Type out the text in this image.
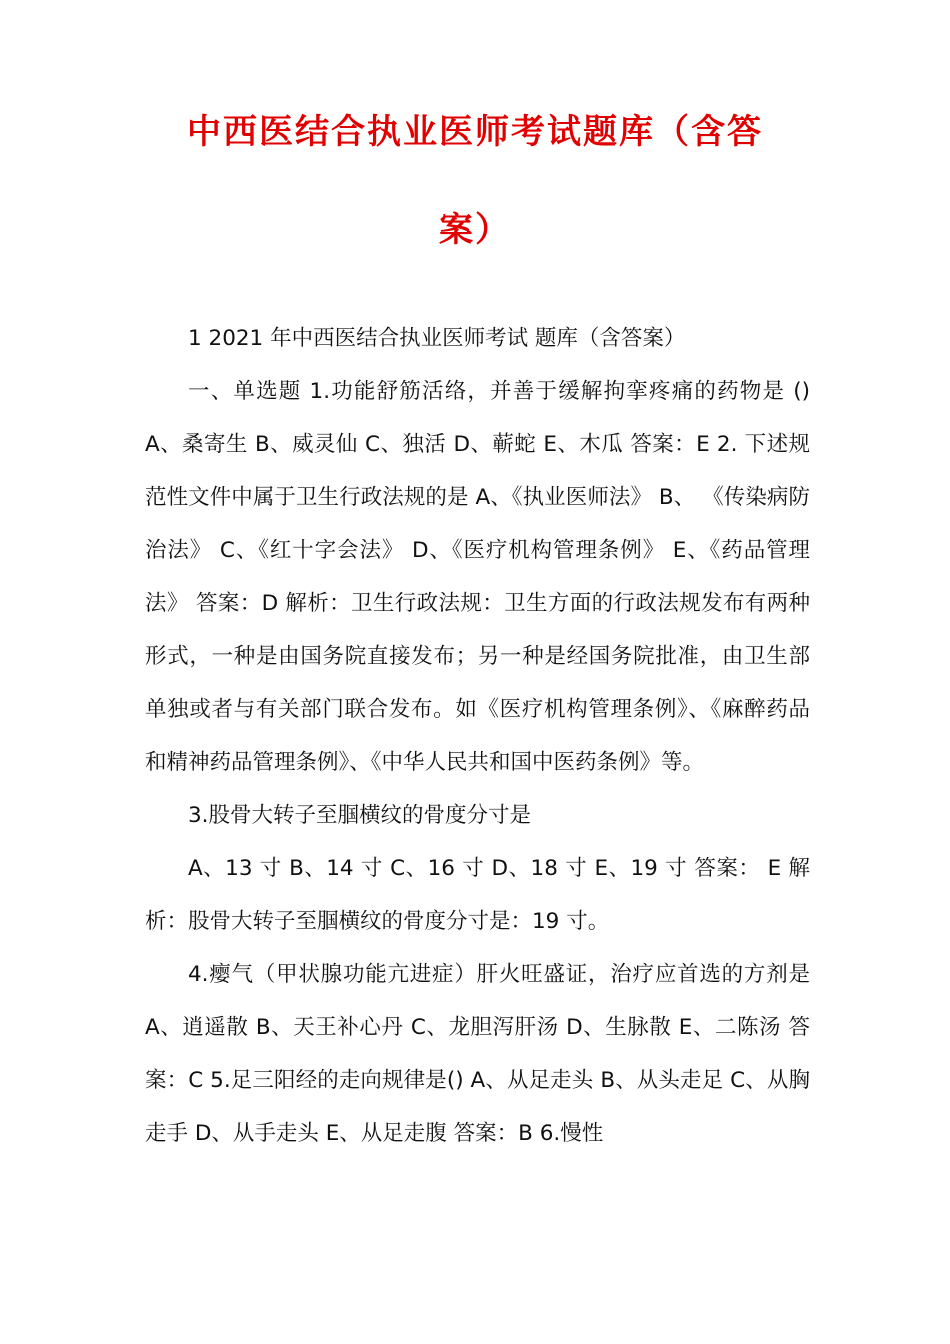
中西医结合执业医师考试题库（含答
案）

1 2021 年中西医结合执业医师考试 题库（含答案）

一、单选题 1.功能舒筋活络，并善于缓解拘挛疼痛的药物是 () A、桑寄生 B、威灵仙 C、独活 D、蕲蛇 E、木瓜 答案：E 2. 下述规范性文件中属于卫生行政法规的是 A、《执业医师法》 B、 《传染病防治法》 C、《红十字会法》 D、《医疗机构管理条例》 E、《药品管理法》 答案：D 解析：卫生行政法规：卫生方面的行政法规发布有两种形式，一种是由国务院直接发布；另一种是经国务院批准，由卫生部单独或者与有关部门联合发布。如《医疗机构管理条例》、《麻醉药品和精神药品管理条例》、《中华人民共和国中医药条例》等。

3.股骨大转子至腘横纹的骨度分寸是

A、13 寸 B、14 寸 C、16 寸 D、18 寸 E、19 寸 答案： E 解析：股骨大转子至腘横纹的骨度分寸是：19 寸。

4.瘿气（甲状腺功能亢进症）肝火旺盛证，治疗应首选的方剂是 A、逍遥散 B、天王补心丹 C、龙胆泻肝汤 D、生脉散 E、二陈汤 答案：C 5.足三阳经的走向规律是() A、从足走头 B、从头走足 C、从胸走手 D、从手走头 E、从足走腹 答案：B 6.慢性
